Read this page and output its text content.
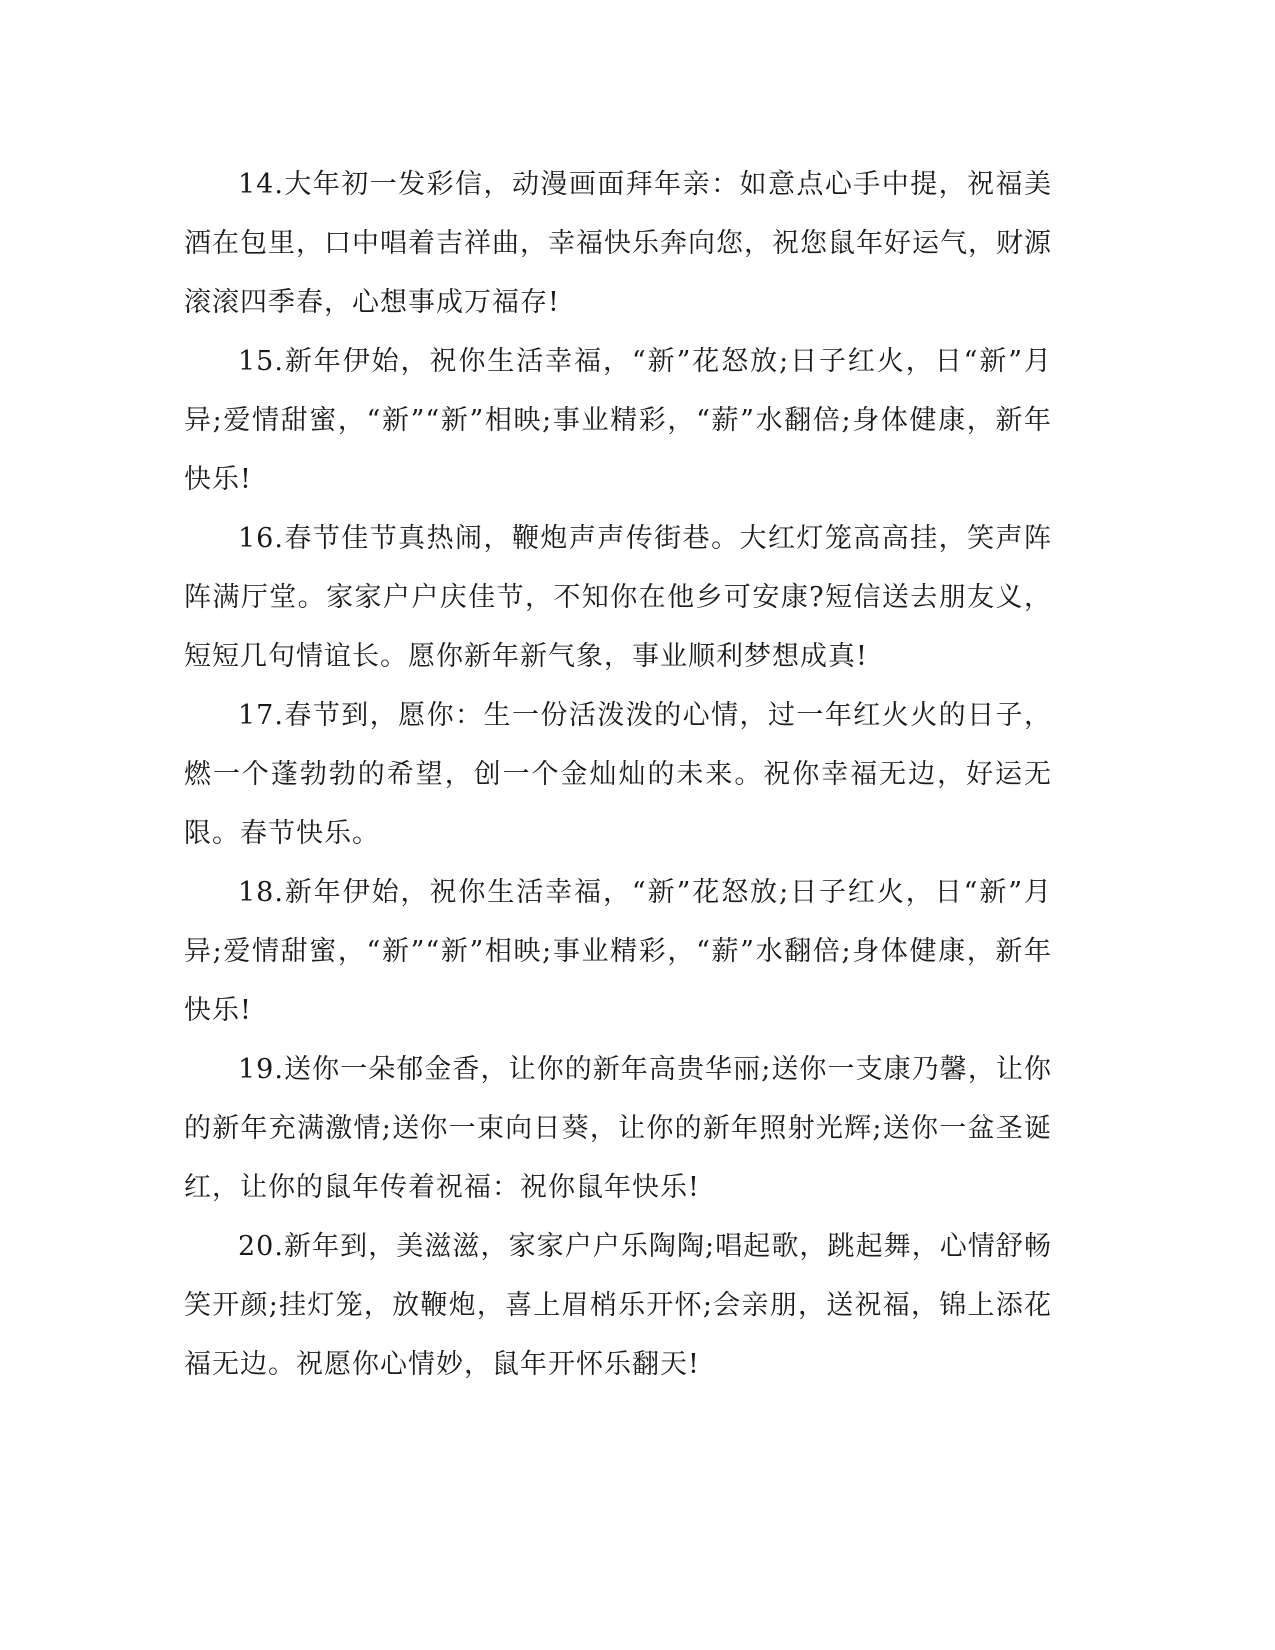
14.大年初一发彩信，动漫画面拜年亲：如意点心手中提，祝福美酒在包里，口中唱着吉祥曲，幸福快乐奔向您，祝您鼠年好运气，财源滚滚四季春，心想事成万福存!

15.新年伊始，祝你生活幸福，“新”花怒放;日子红火，日“新”月异;爱情甜蜜，“新”“新”相映;事业精彩，“薪”水翻倍;身体健康，新年快乐!

16.春节佳节真热闹，鞭炮声声传街巷。大红灯笼高高挂，笑声阵阵满厅堂。家家户户庆佳节，不知你在他乡可安康?短信送去朋友义，短短几句情谊长。愿你新年新气象，事业顺利梦想成真!

17.春节到，愿你：生一份活泼泼的心情，过一年红火火的日子，燃一个蓬勃勃的希望，创一个金灿灿的未来。祝你幸福无边，好运无限。春节快乐。

18.新年伊始，祝你生活幸福，“新”花怒放;日子红火，日“新”月异;爱情甜蜜，“新”“新”相映;事业精彩，“薪”水翻倍;身体健康，新年快乐!

19.送你一朵郁金香，让你的新年高贵华丽;送你一支康乃馨，让你的新年充满激情;送你一束向日葵，让你的新年照射光辉;送你一盆圣诞红，让你的鼠年传着祝福：祝你鼠年快乐!

20.新年到，美滋滋，家家户户乐陶陶;唱起歌，跳起舞，心情舒畅笑开颜;挂灯笼，放鞭炮，喜上眉梢乐开怀;会亲朋，送祝福，锦上添花福无边。祝愿你心情妙，鼠年开怀乐翻天!
